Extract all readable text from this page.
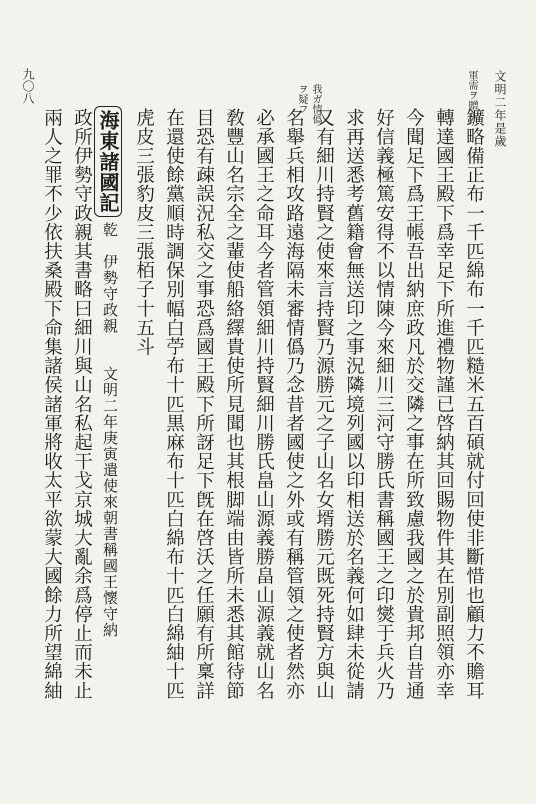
文明二年是歲
九〇八	軍需ヲ贈ル
我ガ情僞
ヲ疑フ
鑛略備正布一千匹綿布一千匹糙米五百碩就付回使非斷惜也顧力不贍耳
轉達國王殿下爲幸足下所進禮物謹已啓納其回賜物件其在別副照領亦幸
今聞足下爲王帳吾出納庶政凡於交隣之事在所致慮我國之於貴邦自昔通
好信義極篤安得不以情陳今來細川三河守勝氏書稱國王之印爕于兵火乃
求再送悉考舊籍會無送印之事況隣境列國以印相送於名義何如肆未從請
又有細川持賢之使來言持賢乃源勝元之子山名女壻勝元既死持賢方與山
名舉兵相攻路遠海隔未審情僞乃念昔者國使之外或有稱管領之使者然亦
必承國王之命耳今者管領細川持賢細川勝氏畠山源義勝畠山源義就山名
敎豐山名宗全之輩使船絡繹貴使所見聞也其根脚端由皆所未悉其館待節
目恐有疎誤況私交之事恐爲國王殿下所訝足下旣在啓沃之任願有所稟詳
在還使餘黨順時調保別幅白苧布十匹黒麻布十匹白綿布十匹白綿紬十匹
虎皮三張豹皮三張栢子十五斗
海東諸國記
乾　伊勢守政親　　文明二年庚寅遣使來朝書稱國王懷守納
政所伊勢守政親其書略曰細川與山名私起干戈京城大亂余爲停止而未止
兩人之罪不少依扶桑殿下命集諸侯諸軍將收太平欲蒙大國餘力所望綿紬
